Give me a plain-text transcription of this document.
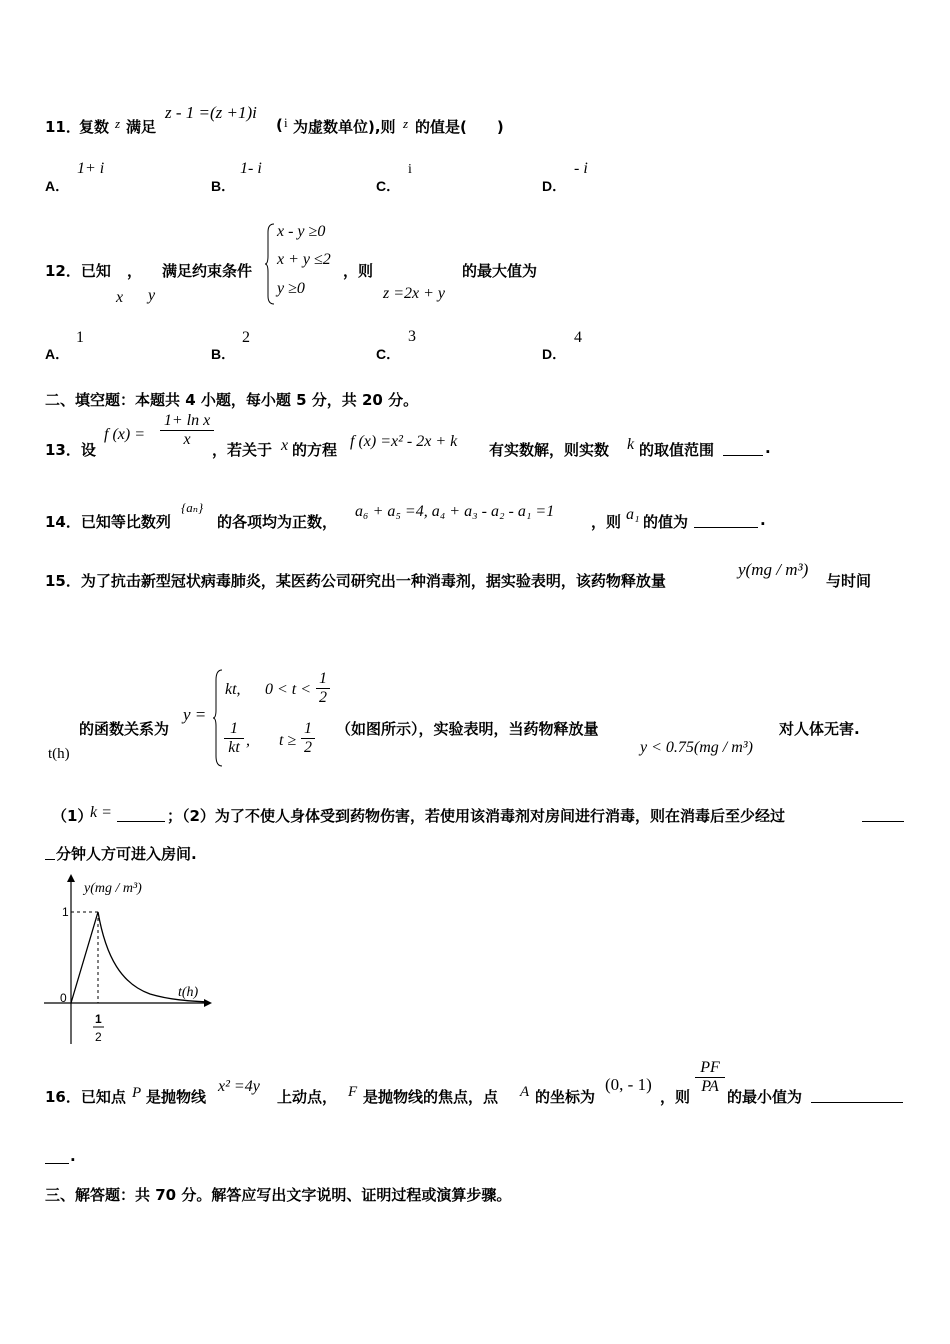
11．
复数 z 满足
z - 1 =(z +1)i
( i 为虚数单位),则 z 的值是(　　)
A．
1+ i
B．
1- i
C．
i
D．
- i
12．已知 ， 满足约束条件
x y
x - y ≥0
x + y ≤2
y ≥0
，则
z =2x + y
的最大值为
A．
1
B．
2
C．
3
D．
4
二、填空题：本题共 4 小题，每小题 5 分，共 20 分。
13．设
f $(x) = \frac{\text{1+ ln x}}{x}$
，若关于 x 的方程 f (x) =x² - 2x + k 有实数解，则实数 k 的取值范围	.
14．已知等比数列
{aₙ}
的各项均为正数，
a₆ + a₅ =4, a₄ + a₃ - a₂ - a₁ =1
，则 a₁ 的值为	.
15．为了抗击新型冠状病毒肺炎，某医药公司研究出一种消毒剂，据实验表明，该药物释放量
y(mg / m³)
与时间
t(h)
的函数关系为
y =
kt, $0 < t < \frac{1}{2}$
$\frac{1}{kt}$ , $t \ge \frac{1}{2}$ （如图所示），实验表明，当药物释放量
y < 0.75(mg / m³)
对人体无害.
（1）
k =	；（2）为了不使人身体受到药物伤害，若使用该消毒剂对房间进行消毒，则在消毒后至少经过
分钟人方可进入房间.
y(mg / m³)
t(h)
0
1
1
2
16．已知点 P 是抛物线
x² =4y
上动点， F 是抛物线的焦点，点 A 的坐标为
(0, - 1)
，则
$\frac{PF}{PA}$
的最小值为
.
三、解答题：共 70 分。解答应写出文字说明、证明过程或演算步骤。
